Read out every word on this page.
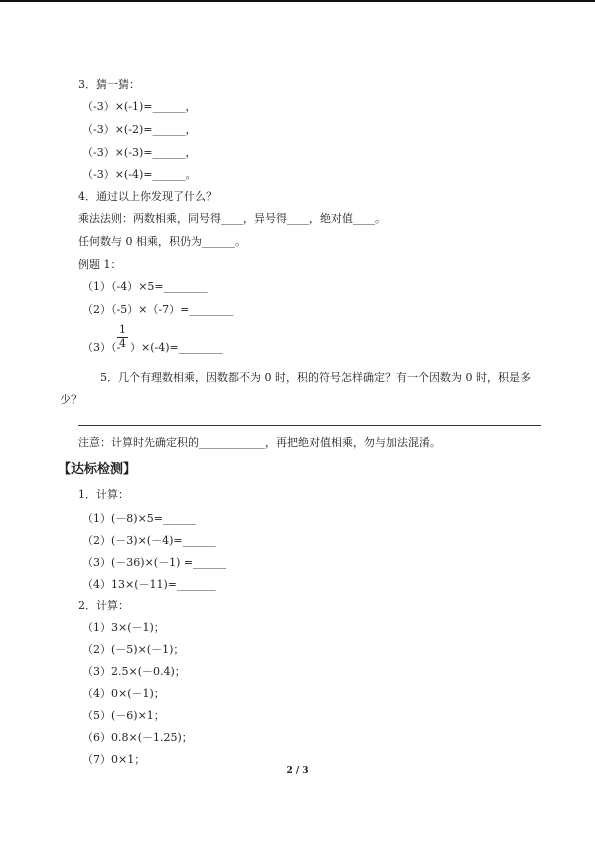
3．猜一猜：
（-3）×(-1)=______，
（-3）×(-2)=______，
（-3）×(-3)=______，
（-3）×(-4)=______。
4．通过以上你发现了什么？
乘法法则：两数相乘，同号得____，异号得____，绝对值____。
任何数与 0 相乘，积仍为______。
例题 1：
（1）（-4）×5=________
（2）（-5）×（-7）=________
1
（3）（-
4 ）×(-4)=________
5．几个有理数相乘，因数都不为 0 时，积的符号怎样确定？有一个因数为 0 时，积是多
少？
注意：计算时先确定积的____________，再把绝对值相乘，勿与加法混淆。
【达标检测】
1．计算：
（1）(－8)×5=______
（2）(－3)×(－4)=______
（3）(－36)×(－1) =______
（4）13×(－11)=_______
2．计算：
（1）3×(－1)；
（2）(－5)×(－1)；
（3）2.5×(－0.4)；
（4）0×(－1)；
（5）(－6)×1；
（6）0.8×(－1.25)；
（7）0×1；
2 / 3
